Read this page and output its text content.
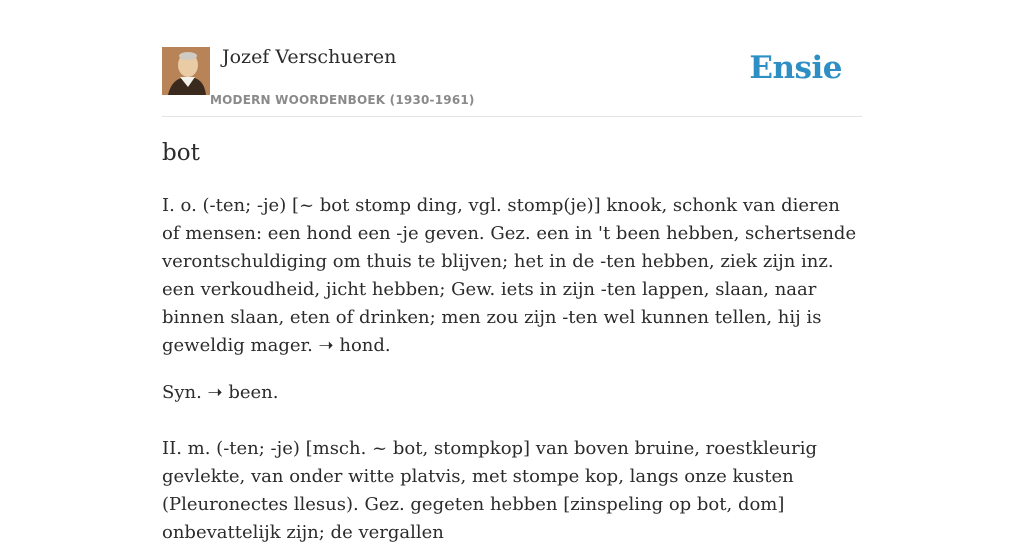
Jozef Verschueren
MODERN WOORDENBOEK (1930-1961)
Ensie
bot

I. o. (-ten; -je) [~ bot stomp ding, vgl. stomp(je)] knook, schonk van dieren of mensen: een hond een -je geven. Gez. een in 't been hebben, schertsende verontschuldiging om thuis te blijven; het in de -ten hebben, ziek zijn inz. een verkoudheid, jicht hebben; Gew. iets in zijn -ten lappen, slaan, naar binnen slaan, eten of drinken; men zou zijn -ten wel kunnen tellen, hij is geweldig mager. ➝ hond.

Syn. ➝ been.

II. m. (-ten; -je) [msch. ~ bot, stompkop] van boven bruine, roestkleurig gevlekte, van onder witte platvis, met stompe kop, langs onze kusten (Pleuronectes llesus). Gez. gegeten hebben [zinspeling op bot, dom] onbevattelijk zijn; de vergallen
